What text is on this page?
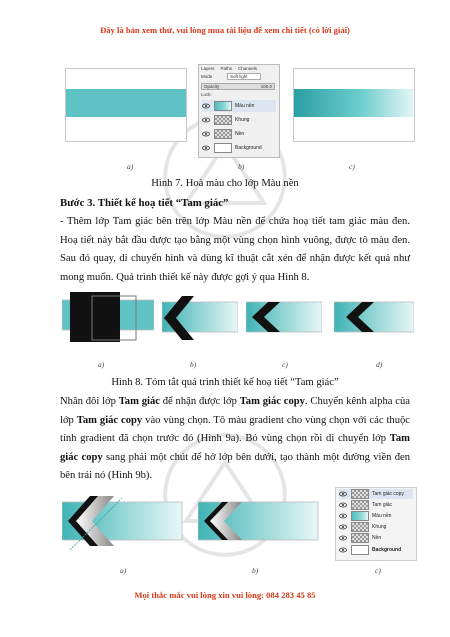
Đây là bản xem thử, vui lòng mua tài liệu để xem chi tiết (có lời giải)
Layers Paths Channels
Mode	Soft light
Opacity	100.0
Lock:
Màu nền
Khung
Nền
Background
a)	b)	c)
Hình 7. Hoà màu cho lớp Màu nền
Bước 3. Thiết kế hoạ tiết “Tam giác”

- Thêm lớp Tam giác bên trên lớp Màu nền để chứa hoạ tiết tam giác màu đen. Hoạ tiết này bắt đầu được tạo bằng một vùng chọn hình vuông, được tô màu đen. Sau đó quay, di chuyển hình và dùng kĩ thuật cắt xén để nhận được kết quả như mong muốn. Quá trình thiết kế này được gợi ý qua Hình 8.

a)	b)	c)	d)
Hình 8. Tóm tắt quá trình thiết kế hoạ tiết “Tam giác”

Nhân đôi lớp Tam giác để nhận được lớp Tam giác copy. Chuyển kênh alpha của lớp Tam giác copy vào vùng chọn. Tô màu gradient cho vùng chọn với các thuộc tính gradient đã chọn trước đó (Hình 9a). Bỏ vùng chọn rồi di chuyển lớp Tam giác copy sang phải một chút để hở lớp bên dưới, tạo thành một đường viền đen bên trái nó (Hình 9b).

Tam giác copy
Tam giác
Màu nền
Khung
Nền
Background
a)	b)	c)
Mọi thắc mắc vui lòng xin vui lòng: 084 283 45 85
